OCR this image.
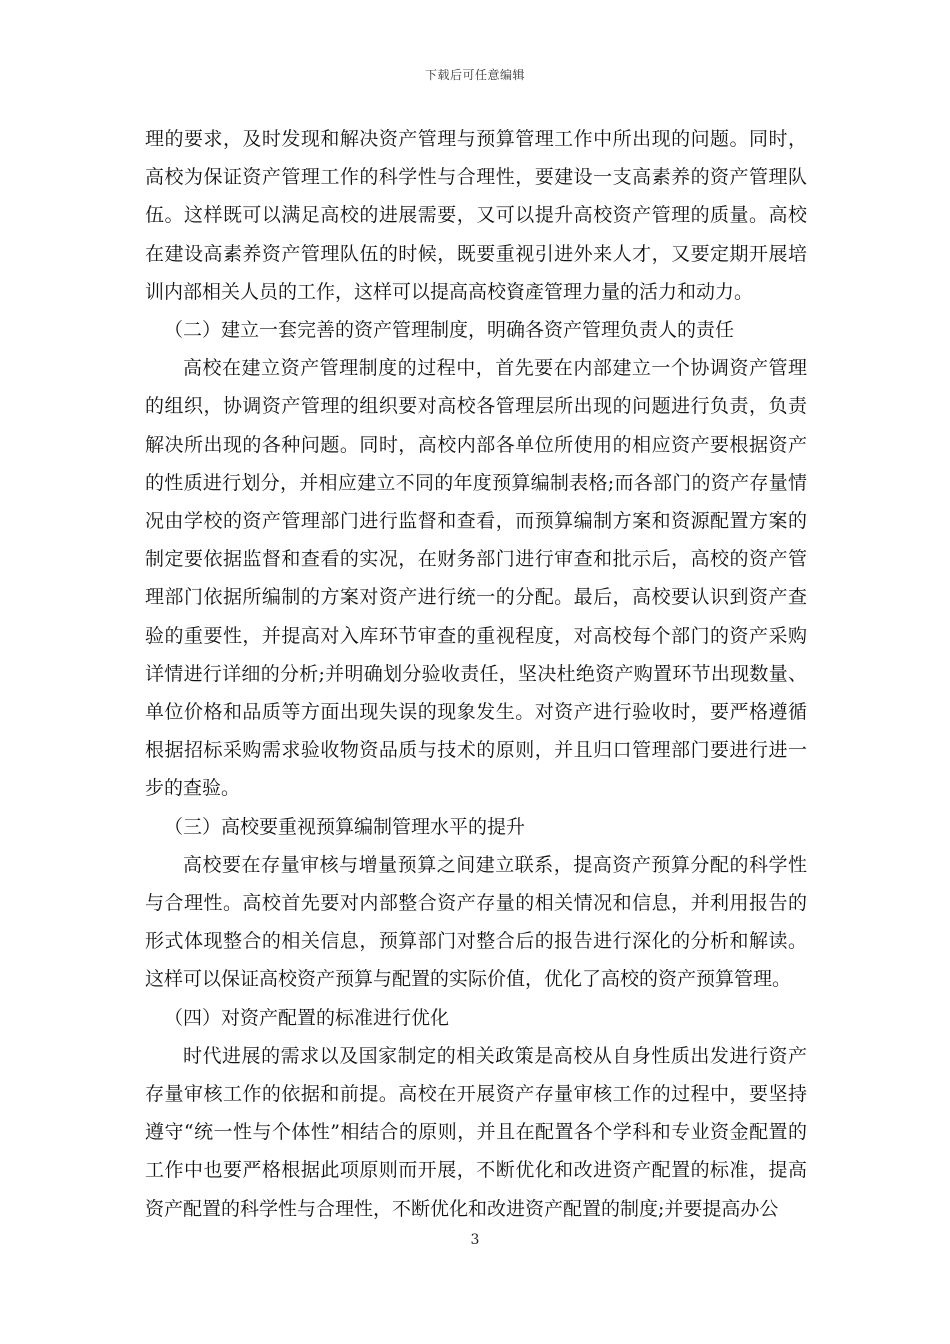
下载后可任意编辑

理的要求，及时发现和解决资产管理与预算管理工作中所出现的问题。同时，高校为保证资产管理工作的科学性与合理性，要建设一支高素养的资产管理队伍。这样既可以满足高校的进展需要，又可以提升高校资产管理的质量。高校在建设高素养资产管理队伍的时候，既要重视引进外来人才，又要定期开展培训内部相关人员的工作，这样可以提高高校資產管理力量的活力和动力。

（二）建立一套完善的资产管理制度，明确各资产管理负责人的责任

高校在建立资产管理制度的过程中，首先要在内部建立一个协调资产管理的组织，协调资产管理的组织要对高校各管理层所出现的问题进行负责，负责解决所出现的各种问题。同时，高校内部各单位所使用的相应资产要根据资产的性质进行划分，并相应建立不同的年度预算编制表格;而各部门的资产存量情况由学校的资产管理部门进行监督和查看，而预算编制方案和资源配置方案的制定要依据监督和查看的实况，在财务部门进行审查和批示后，高校的资产管理部门依据所编制的方案对资产进行统一的分配。最后，高校要认识到资产查验的重要性，并提高对入库环节审查的重视程度，对高校每个部门的资产采购详情进行详细的分析;并明确划分验收责任，坚决杜绝资产购置环节出现数量、单位价格和品质等方面出现失误的现象发生。对资产进行验收时，要严格遵循根据招标采购需求验收物资品质与技术的原则，并且归口管理部门要进行进一步的查验。

（三）高校要重视预算编制管理水平的提升

高校要在存量审核与增量预算之间建立联系，提高资产预算分配的科学性与合理性。高校首先要对内部整合资产存量的相关情况和信息，并利用报告的形式体现整合的相关信息，预算部门对整合后的报告进行深化的分析和解读。这样可以保证高校资产预算与配置的实际价值，优化了高校的资产预算管理。

（四）对资产配置的标准进行优化

时代进展的需求以及国家制定的相关政策是高校从自身性质出发进行资产存量审核工作的依据和前提。高校在开展资产存量审核工作的过程中，要坚持遵守“统一性与个体性”相结合的原则，并且在配置各个学科和专业资金配置的工作中也要严格根据此项原则而开展，不断优化和改进资产配置的标准，提高资产配置的科学性与合理性，不断优化和改进资产配置的制度;并要提高办公

3
